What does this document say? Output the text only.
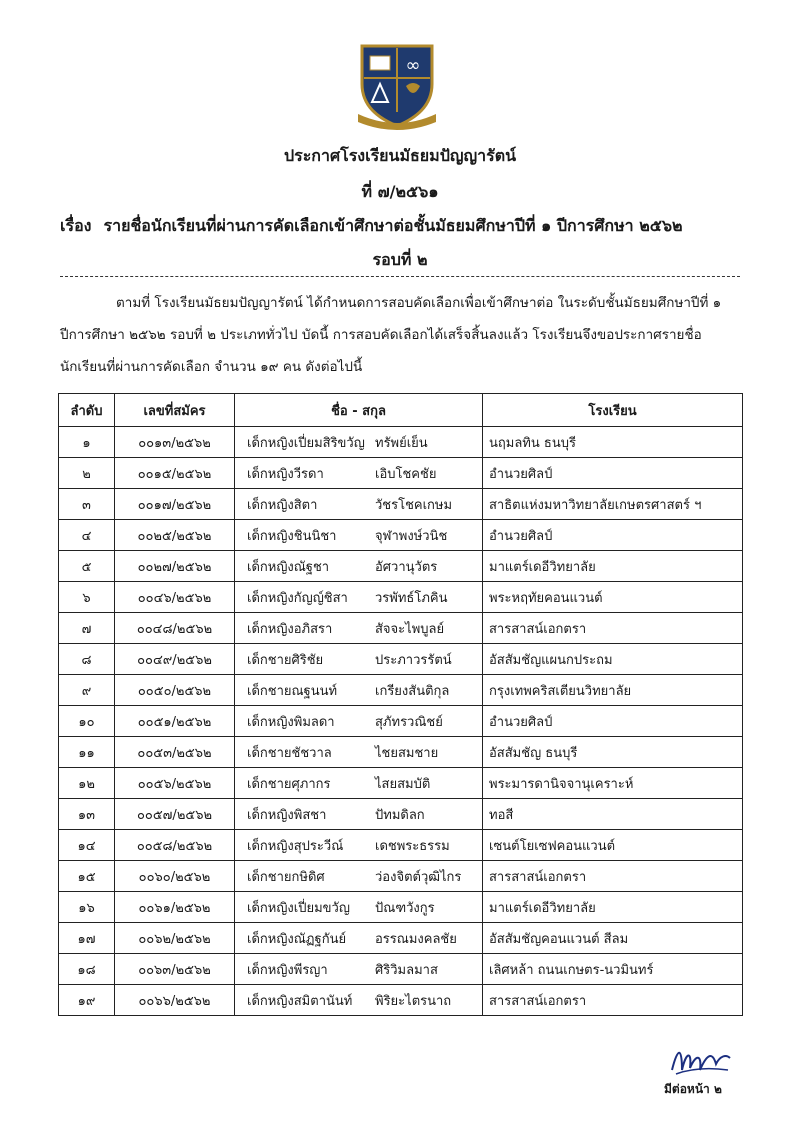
∞
ประกาศโรงเรียนมัธยมปัญญารัตน์
ที่ ๗/๒๕๖๑
เรื่อง รายชื่อนักเรียนที่ผ่านการคัดเลือกเข้าศึกษาต่อชั้นมัธยมศึกษาปีที่ ๑ ปีการศึกษา ๒๕๖๒
รอบที่ ๒
ตามที่ โรงเรียนมัธยมปัญญารัตน์ ได้กำหนดการสอบคัดเลือกเพื่อเข้าศึกษาต่อ ในระดับชั้นมัธยมศึกษาปีที่ ๑
ปีการศึกษา ๒๕๖๒ รอบที่ ๒ ประเภททั่วไป บัดนี้ การสอบคัดเลือกได้เสร็จสิ้นลงแล้ว โรงเรียนจึงขอประกาศรายชื่อ
นักเรียนที่ผ่านการคัดเลือก จำนวน ๑๙ คน ดังต่อไปนี้
ลำดับ	เลขที่สมัคร	ชื่อ - สกุล	โรงเรียน
๑	๐๐๑๓/๒๕๖๒	เด็กหญิงเปี่ยมสิริขวัญ ทรัพย์เย็น	นฤมลทิน ธนบุรี
๒	๐๐๑๕/๒๕๖๒	เด็กหญิงวีรดา เอิบโชคชัย	อำนวยศิลป์
๓	๐๐๑๗/๒๕๖๒	เด็กหญิงสิตา วัชรโชคเกษม	สาธิตแห่งมหาวิทยาลัยเกษตรศาสตร์ ฯ
๔	๐๐๒๕/๒๕๖๒	เด็กหญิงชินนิชา จุฬาพงษ์วนิช	อำนวยศิลป์
๕	๐๐๒๗/๒๕๖๒	เด็กหญิงณัฐชา อัศวานุวัตร	มาแตร์เดอีวิทยาลัย
๖	๐๐๔๖/๒๕๖๒	เด็กหญิงกัญญ์ชิสา วรพัทธ์โภคิน	พระหฤทัยคอนแวนต์
๗	๐๐๔๘/๒๕๖๒	เด็กหญิงอภิสรา สัจจะไพบูลย์	สารสาสน์เอกตรา
๘	๐๐๔๙/๒๕๖๒	เด็กชายศิริชัย ประภาวรรัตน์	อัสสัมชัญแผนกประถม
๙	๐๐๕๐/๒๕๖๒	เด็กชายณฐนนท์ เกรียงสันติกุล	กรุงเทพคริสเตียนวิทยาลัย
๑๐	๐๐๕๑/๒๕๖๒	เด็กหญิงพิมลดา สุภัทรวณิชย์	อำนวยศิลป์
๑๑	๐๐๕๓/๒๕๖๒	เด็กชายชัชวาล ไชยสมชาย	อัสสัมชัญ ธนบุรี
๑๒	๐๐๕๖/๒๕๖๒	เด็กชายศุภากร ไสยสมบัติ	พระมารดานิจจานุเคราะห์
๑๓	๐๐๕๗/๒๕๖๒	เด็กหญิงพิสชา ปัทมดิลก	ทอสี
๑๔	๐๐๕๘/๒๕๖๒	เด็กหญิงสุประวีณ์ เดชพระธรรม	เซนต์โยเซฟคอนแวนต์
๑๕	๐๐๖๐/๒๕๖๒	เด็กชายกษิดิศ ว่องจิตต์วุฒิไกร	สารสาสน์เอกตรา
๑๖	๐๐๖๑/๒๕๖๒	เด็กหญิงเปี่ยมขวัญ ปัณฑวังกูร	มาแตร์เดอีวิทยาลัย
๑๗	๐๐๖๒/๒๕๖๒	เด็กหญิงณัฏฐกันย์ อรรณมงคลชัย	อัสสัมชัญคอนแวนต์ สีลม
๑๘	๐๐๖๓/๒๕๖๒	เด็กหญิงพีรญา ศิริวิมลมาส	เลิศหล้า ถนนเกษตร-นวมินทร์
๑๙	๐๐๖๖/๒๕๖๒	เด็กหญิงสมิตานันท์ พิริยะไตรนาถ	สารสาสน์เอกตรา
มีต่อหน้า ๒
